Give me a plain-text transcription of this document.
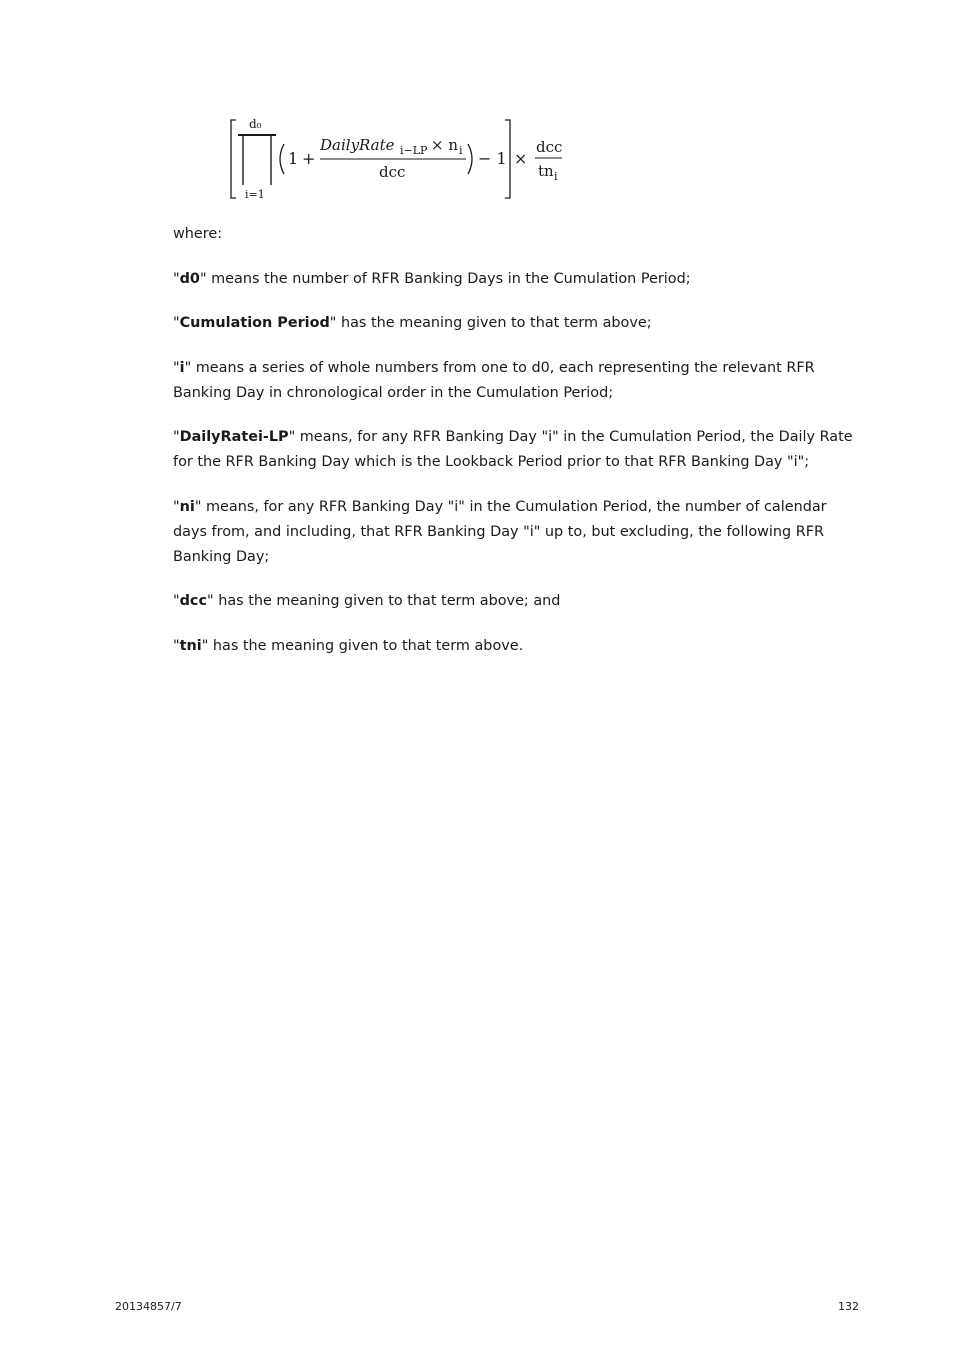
d₀
i=1
1 +
DailyRate i−LP × n i
dcc
− 1 ×
dcc
tn i

where:

"d0" means the number of RFR Banking Days in the Cumulation Period;

"Cumulation Period" has the meaning given to that term above;

"i" means a series of whole numbers from one to d0, each representing the relevant RFR Banking Day in chronological order in the Cumulation Period;

"DailyRatei-LP" means, for any RFR Banking Day "i" in the Cumulation Period, the Daily Rate for the RFR Banking Day which is the Lookback Period prior to that RFR Banking Day "i";

"ni" means, for any RFR Banking Day "i" in the Cumulation Period, the number of calendar days from, and including, that RFR Banking Day "i" up to, but excluding, the following RFR Banking Day;

"dcc" has the meaning given to that term above; and

"tni" has the meaning given to that term above.

20134857/7	132
